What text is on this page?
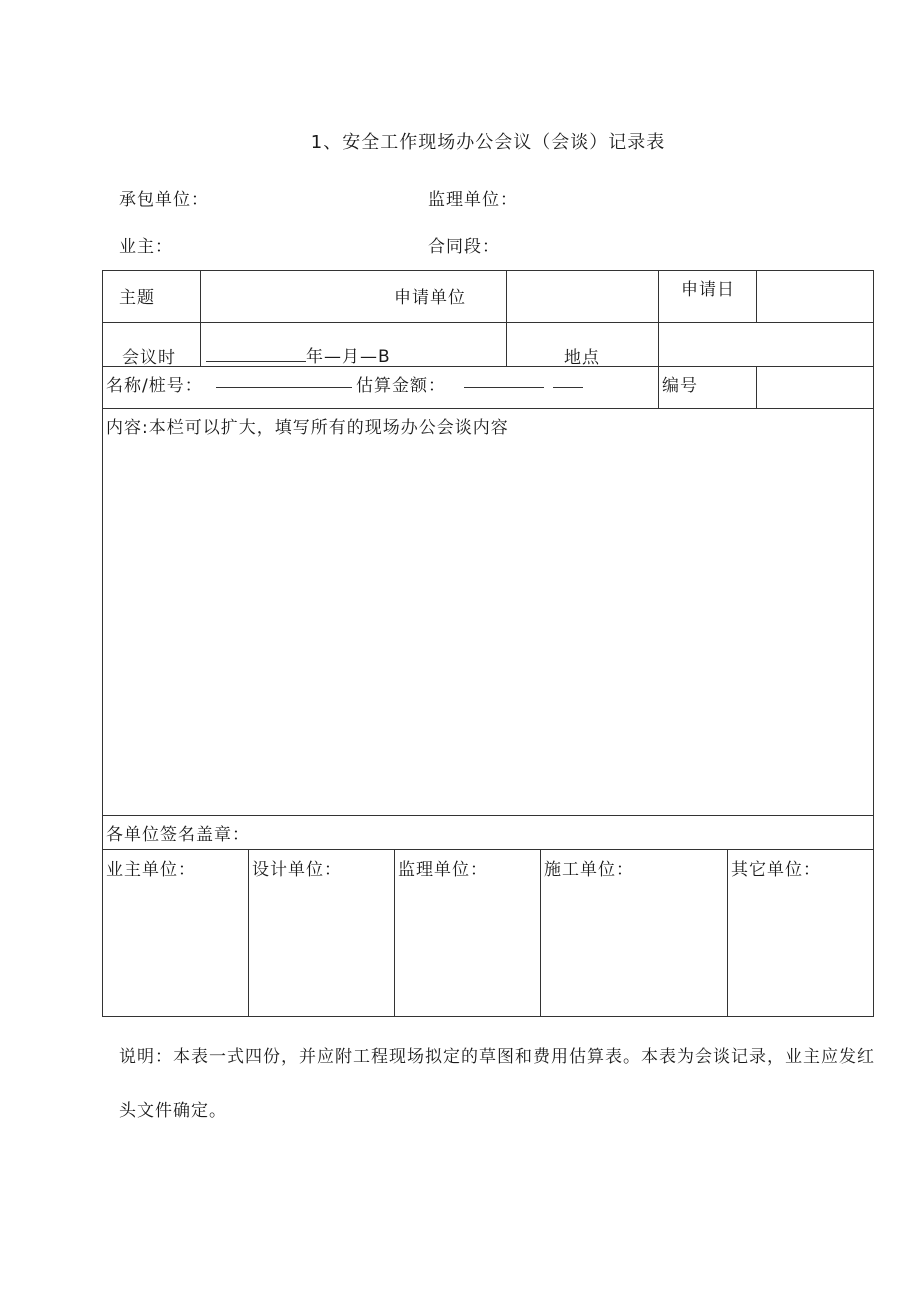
1、安全工作现场办公会议（会谈）记录表
承包单位：	监理单位：
业主：	合同段：
主题	申请单位	申请日
会议时	年—月—B	地点
名称/桩号：	估算金额：	编号
内容:本栏可以扩大，填写所有的现场办公会谈内容
各单位签名盖章：
业主单位：	设计单位：	监理单位：	施工单位：	其它单位：
说明：本表一式四份，并应附工程现场拟定的草图和费用估算表。本表为会谈记录，业主应发红头文件确定。
